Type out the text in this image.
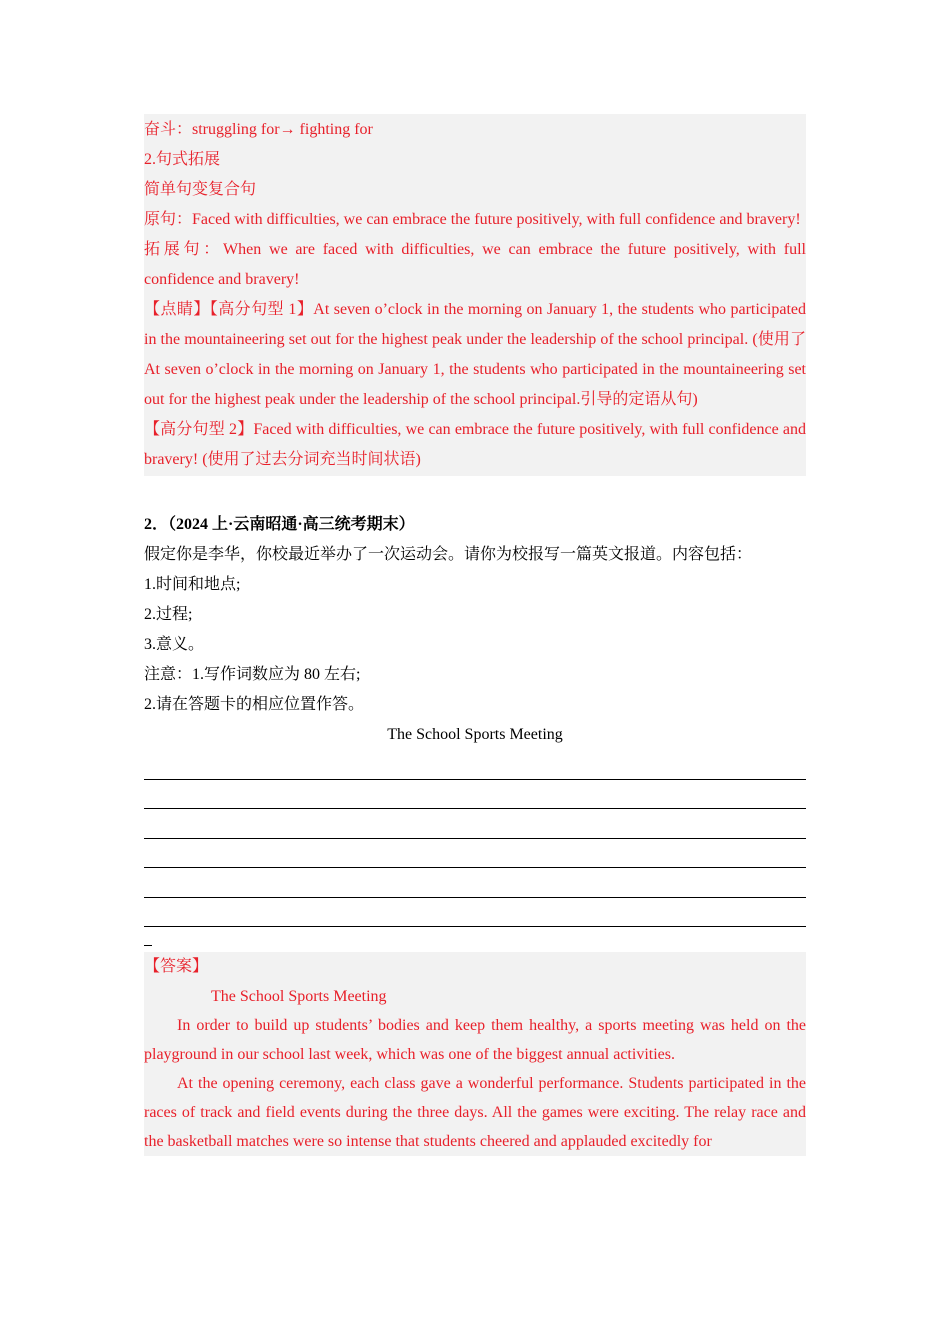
奋斗：struggling for→ fighting for

2.句式拓展

简单句变复合句

原句：Faced with difficulties, we can embrace the future positively, with full confidence and bravery!

拓展句：When we are faced with difficulties, we can embrace the future positively, with full confidence and bravery!

【点睛】【高分句型 1】At seven o’clock in the morning on January 1, the students who participated in the mountaineering set out for the highest peak under the leadership of the school principal. (使用了 At seven o’clock in the morning on January 1, the students who participated in the mountaineering set out for the highest peak under the leadership of the school principal.引导的定语从句)

【高分句型 2】Faced with difficulties, we can embrace the future positively, with full confidence and bravery! (使用了过去分词充当时间状语)

2．（2024 上·云南昭通·高三统考期末）

假定你是李华，你校最近举办了一次运动会。请你为校报写一篇英文报道。内容包括：

1.时间和地点;

2.过程;

3.意义。

注意：1.写作词数应为 80 左右;

2.请在答题卡的相应位置作答。

The School Sports Meeting
【答案】
The School Sports Meeting

In order to build up students’ bodies and keep them healthy, a sports meeting was held on the playground in our school last week, which was one of the biggest annual activities.

At the opening ceremony, each class gave a wonderful performance. Students participated in the races of track and field events during the three days. All the games were exciting. The relay race and the basketball matches were so intense that students cheered and applauded excitedly for
